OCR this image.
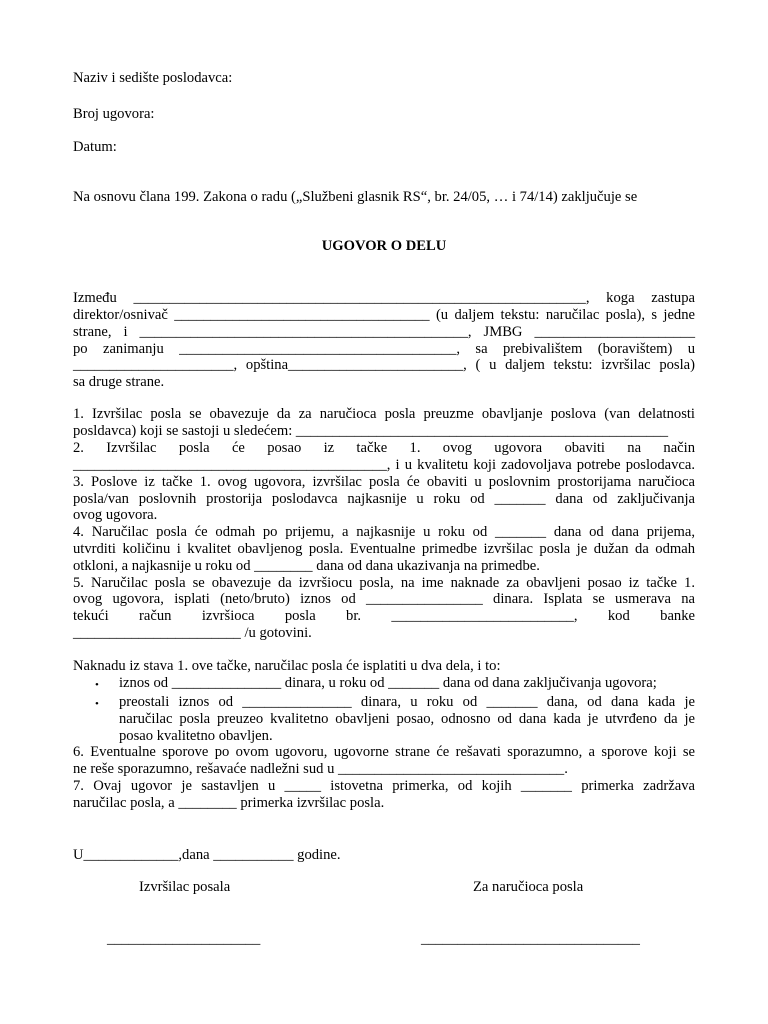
Naziv i sedište poslodavca:
Broj ugovora:
Datum:
Na osnovu člana 199. Zakona o radu („Službeni glasnik RS“, br. 24/05, … i 74/14) zaključuje se
UGOVOR O DELU
Između ______________________________________________________________, koga zastupa
direktor/osnivač ___________________________________ (u daljem tekstu: naručilac posla), s jedne
strane, i _____________________________________________, JMBG ______________________
po zanimanju ______________________________________, sa prebivalištem (boravištem) u
______________________, opština________________________, ( u daljem tekstu: izvršilac posla)
sa druge strane.
1. Izvršilac posla se obavezuje da za naručioca posla preuzme obavljanje poslova (van delatnosti
posldavca) koji se sastoji u sledećem: ___________________________________________________
2. Izvršilac posla će posao iz tačke 1. ovog ugovora obaviti na način
___________________________________________, i u kvalitetu koji zadovoljava potrebe poslodavca.
3. Poslove iz tačke 1. ovog ugovora, izvršilac posla će obaviti u poslovnim prostorijama naručioca
posla/van poslovnih prostorija poslodavca najkasnije u roku od _______ dana od zaključivanja
ovog ugovora.
4. Naručilac posla će odmah po prijemu, a najkasnije u roku od _______ dana od dana prijema,
utvrditi količinu i kvalitet obavljenog posla. Eventualne primedbe izvršilac posla je dužan da odmah
otkloni, a najkasnije u roku od ________ dana od dana ukazivanja na primedbe.
5. Naručilac posla se obavezuje da izvršiocu posla, na ime naknade za obavljeni posao iz tačke 1.
ovog ugovora, isplati (neto/bruto) iznos od ________________ dinara. Isplata se usmerava na
tekući račun izvršioca posla br. _________________________, kod banke
_______________________ /u gotovini.
Naknadu iz stava 1. ove tačke, naručilac posla će isplatiti u dva dela, i to:
• iznos od _______________ dinara, u roku od _______ dana od dana zaključivanja ugovora;
• preostali iznos od _______________ dinara, u roku od _______ dana, od dana kada je
naručilac posla preuzeo kvalitetno obavljeni posao, odnosno od dana kada je utvrđeno da je
posao kvalitetno obavljen.
6. Eventualne sporove po ovom ugovoru, ugovorne strane će rešavati sporazumno, a sporove koji se
ne reše sporazumno, rešavaće nadležni sud u _______________________________.
7. Ovaj ugovor je sastavljen u _____ istovetna primerka, od kojih _______ primerka zadržava
naručilac posla, a ________ primerka izvršilac posla.
U_____________,dana ___________ godine.
Izvršilac posala	Za naručioca posla
_____________________	______________________________
